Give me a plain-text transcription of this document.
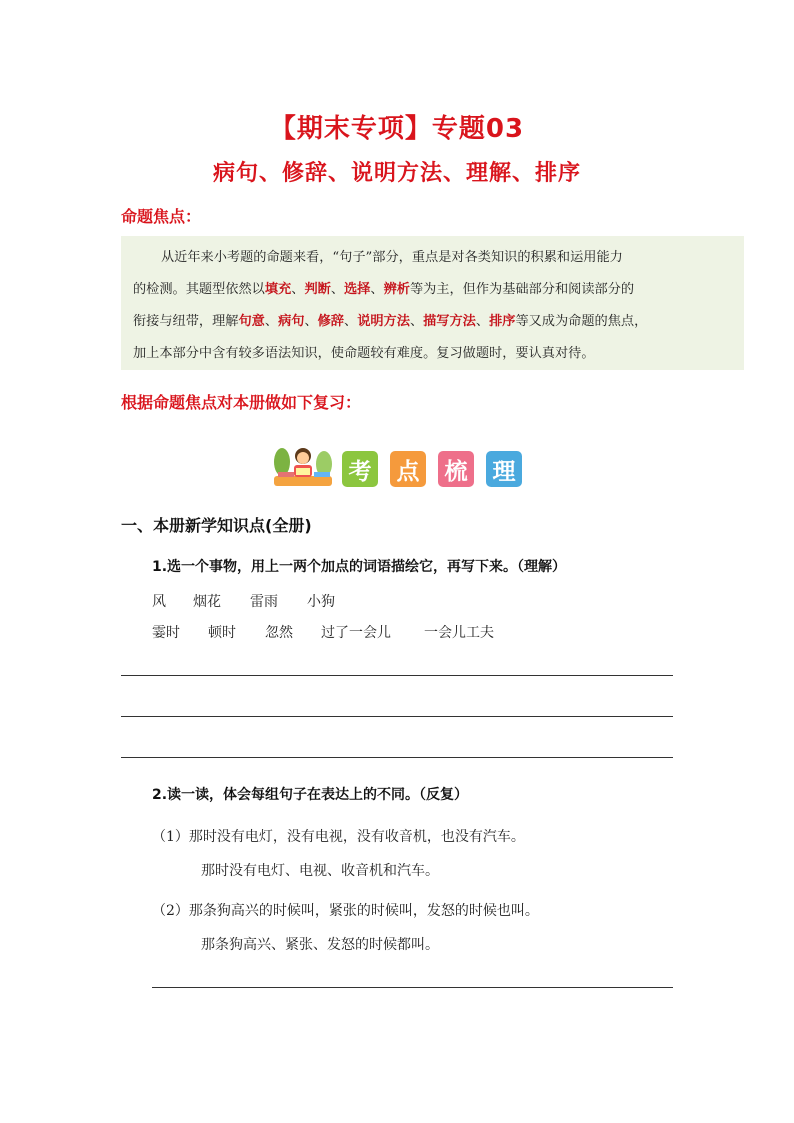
【期末专项】专题03
病句、修辞、说明方法、理解、排序
命题焦点：
从近年来小考题的命题来看，“句子”部分，重点是对各类知识的积累和运用能力
的检测。其题型依然以填充、判断、选择、辨析等为主，但作为基础部分和阅读部分的
衔接与纽带，理解句意、病句、修辞、说明方法、描写方法、排序等又成为命题的焦点，
加上本部分中含有较多语法知识，使命题较有难度。复习做题时，要认真对待。
根据命题焦点对本册做如下复习：
考 点 梳 理
一、本册新学知识点(全册)
1.选一个事物，用上一两个加点的词语描绘它，再写下来。（理解）
风 烟花 雷雨 小狗
霎时 顿时 忽然 过了一会儿 一会儿工夫
2.读一读，体会每组句子在表达上的不同。（反复）
（1）那时没有电灯，没有电视，没有收音机，也没有汽车。
那时没有电灯、电视、收音机和汽车。
（2）那条狗高兴的时候叫，紧张的时候叫，发怒的时候也叫。
那条狗高兴、紧张、发怒的时候都叫。
